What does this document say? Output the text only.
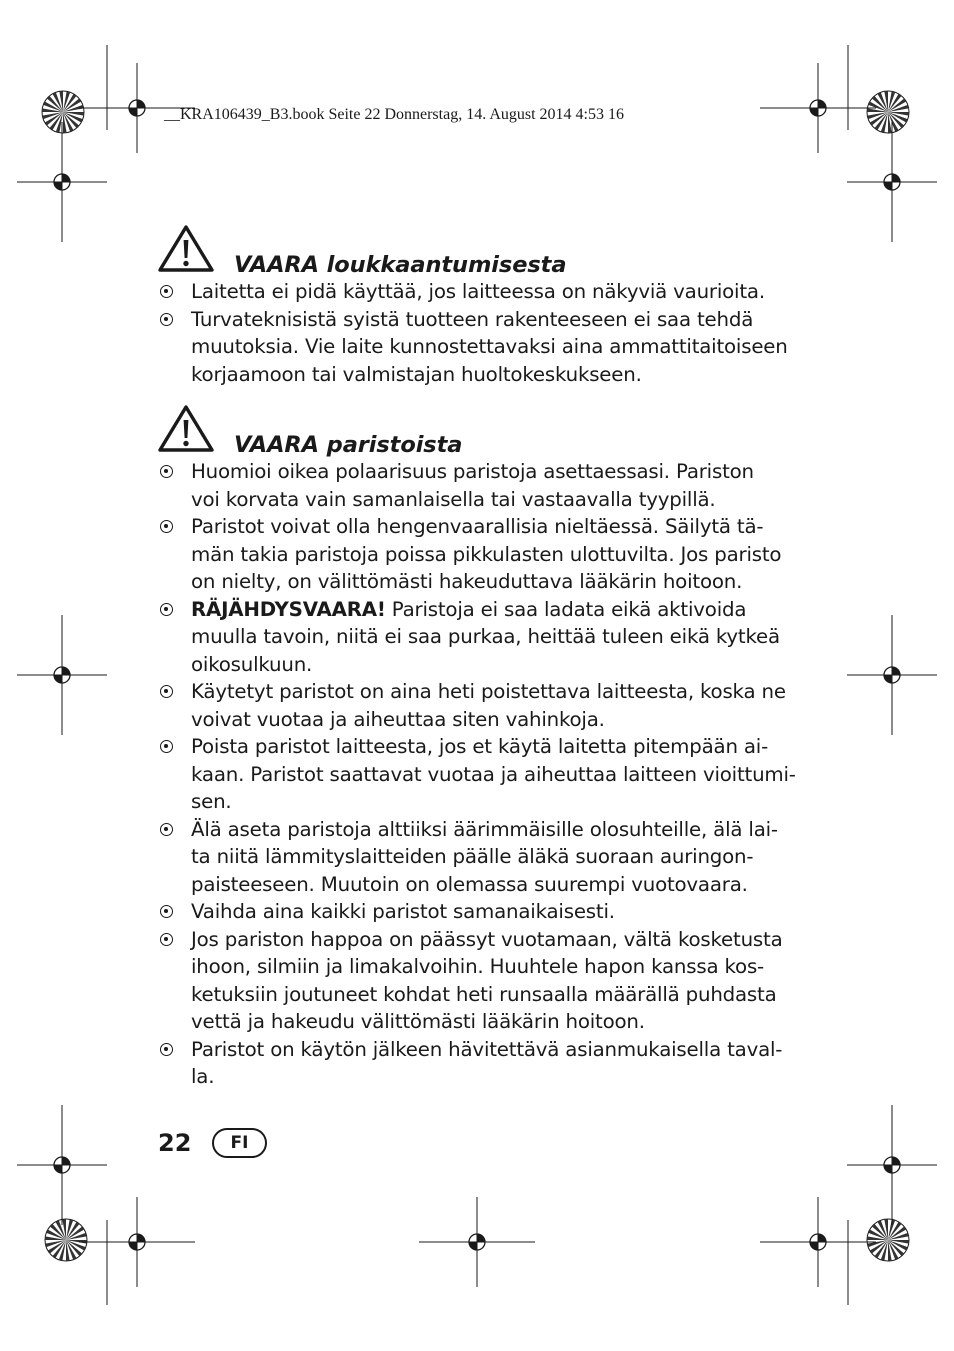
__KRA106439_B3.book Seite 22 Donnerstag, 14. August 2014 4:53 16
VAARA loukkaantumisesta
Laitetta ei pidä käyttää, jos laitteessa on näkyviä vaurioita.
Turvateknisistä syistä tuotteen rakenteeseen ei saa tehdä
muutoksia. Vie laite kunnostettavaksi aina ammattitaitoiseen
korjaamoon tai valmistajan huoltokeskukseen.
VAARA paristoista
Huomioi oikea polaarisuus paristoja asettaessasi. Pariston
voi korvata vain samanlaisella tai vastaavalla tyypillä.
Paristot voivat olla hengenvaarallisia nieltäessä. Säilytä tä-
män takia paristoja poissa pikkulasten ulottuvilta. Jos paristo
on nielty, on välittömästi hakeuduttava lääkärin hoitoon.
RÄJÄHDYSVAARA! Paristoja ei saa ladata eikä aktivoida
muulla tavoin, niitä ei saa purkaa, heittää tuleen eikä kytkeä
oikosulkuun.
Käytetyt paristot on aina heti poistettava laitteesta, koska ne
voivat vuotaa ja aiheuttaa siten vahinkoja.
Poista paristot laitteesta, jos et käytä laitetta pitempään ai-
kaan. Paristot saattavat vuotaa ja aiheuttaa laitteen vioittumi-
sen.
Älä aseta paristoja alttiiksi äärimmäisille olosuhteille, älä lai-
ta niitä lämmityslaitteiden päälle äläkä suoraan auringon-
paisteeseen. Muutoin on olemassa suurempi vuotovaara.
Vaihda aina kaikki paristot samanaikaisesti.
Jos pariston happoa on päässyt vuotamaan, vältä kosketusta
ihoon, silmiin ja limakalvoihin. Huuhtele hapon kanssa kos-
ketuksiin joutuneet kohdat heti runsaalla määrällä puhdasta
vettä ja hakeudu välittömästi lääkärin hoitoon.
Paristot on käytön jälkeen hävitettävä asianmukaisella taval-
la.
22	FI
